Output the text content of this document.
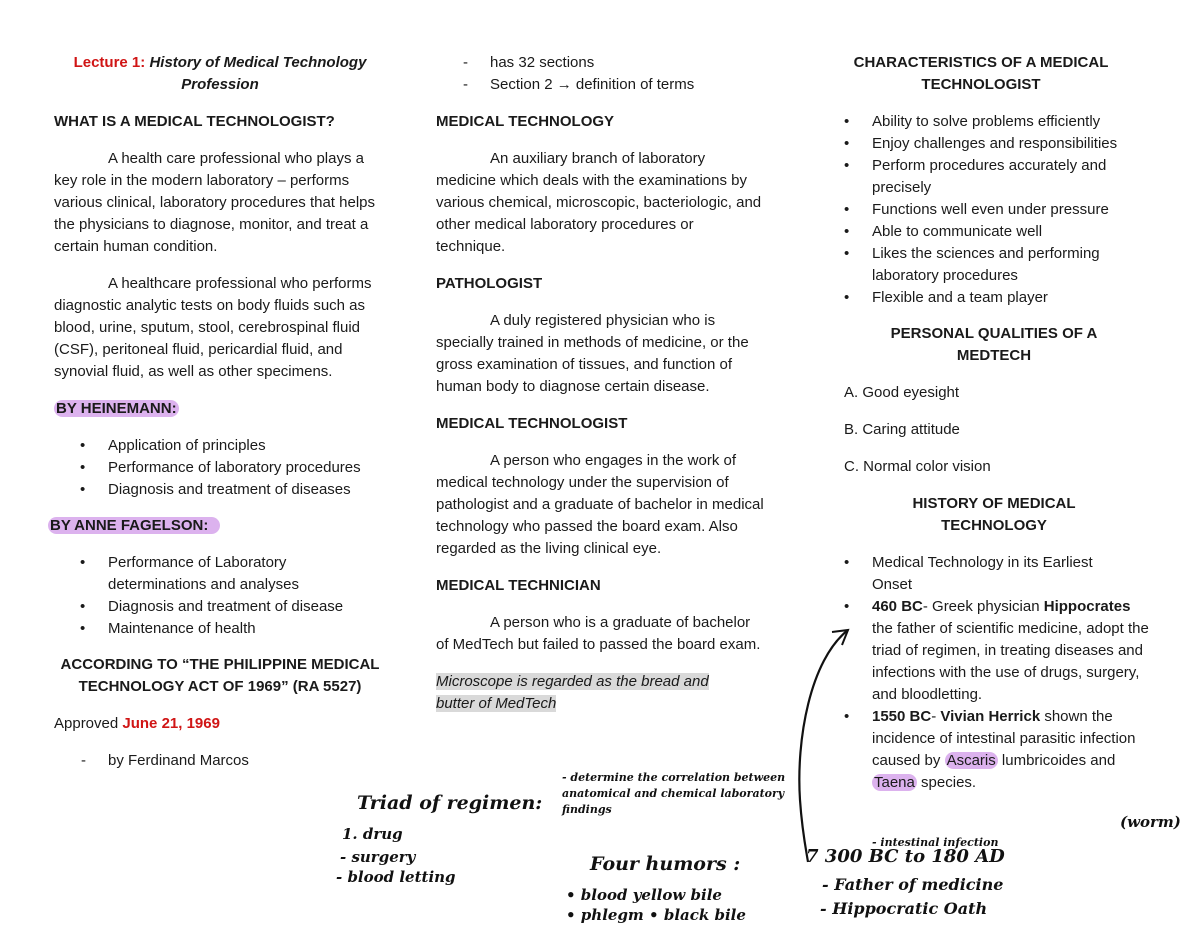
Lecture 1: History of Medical Technology Profession
WHAT IS A MEDICAL TECHNOLOGIST?

A health care professional who plays a key role in the modern laboratory – performs various clinical, laboratory procedures that helps the physicians to diagnose, monitor, and treat a certain human condition.

A healthcare professional who performs diagnostic analytic tests on body fluids such as blood, urine, sputum, stool, cerebrospinal fluid (CSF), peritoneal fluid, pericardial fluid, and synovial fluid, as well as other specimens.

BY HEINEMANN:
• Application of principles
• Performance of laboratory procedures
• Diagnosis and treatment of diseases
BY ANNE FAGELSON:
• Performance of Laboratory determinations and analyses
• Diagnosis and treatment of disease
• Maintenance of health
ACCORDING TO “THE PHILIPPINE MEDICAL TECHNOLOGY ACT OF 1969” (RA 5527)
Approved June 21, 1969
- by Ferdinand Marcos
- has 32 sections
- Section 2 → definition of terms
MEDICAL TECHNOLOGY

An auxiliary branch of laboratory medicine which deals with the examinations by various chemical, microscopic, bacteriologic, and other medical laboratory procedures or technique.

PATHOLOGIST

A duly registered physician who is specially trained in methods of medicine, or the gross examination of tissues, and function of human body to diagnose certain disease.

MEDICAL TECHNOLOGIST

A person who engages in the work of medical technology under the supervision of pathologist and a graduate of bachelor in medical technology who passed the board exam. Also regarded as the living clinical eye.

MEDICAL TECHNICIAN

A person who is a graduate of bachelor of MedTech but failed to passed the board exam.

Microscope is regarded as the bread and butter of MedTech

CHARACTERISTICS OF A MEDICAL TECHNOLOGIST
• Ability to solve problems efficiently
• Enjoy challenges and responsibilities
• Perform procedures accurately and precisely
• Functions well even under pressure
• Able to communicate well
• Likes the sciences and performing laboratory procedures
• Flexible and a team player
PERSONAL QUALITIES OF A MEDTECH

A. Good eyesight

B. Caring attitude

C. Normal color vision

HISTORY OF MEDICAL TECHNOLOGY
• Medical Technology in its Earliest Onset
• 460 BC- Greek physician Hippocrates the father of scientific medicine, adopt the triad of regimen, in treating diseases and infections with the use of drugs, surgery, and bloodletting.
• 1550 BC- Vivian Herrick shown the incidence of intestinal parasitic infection caused by Ascaris lumbricoides and Taena species.
Triad of regimen:
1. drug
- surgery
- blood letting
- determine the correlation between anatomical and chemical laboratory findings
Four humors :
• blood yellow bile
• phlegm • black bile
(worm)
- intestinal infection
7 300 BC to 180 AD
- Father of medicine
- Hippocratic Oath
